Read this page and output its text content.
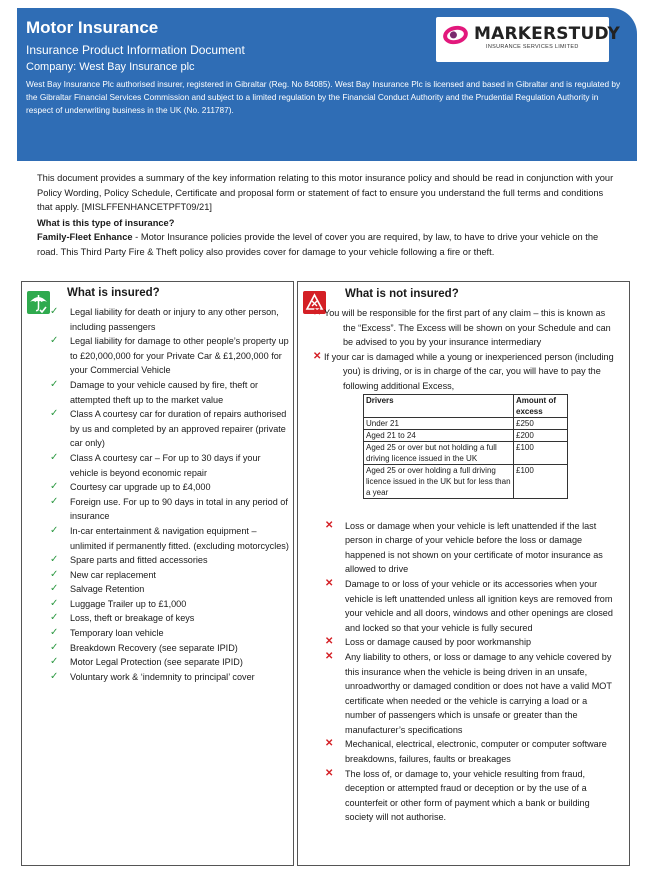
Motor Insurance
Insurance Product Information Document
Company: West Bay Insurance plc
West Bay Insurance Plc authorised insurer, registered in Gibraltar (Reg. No 84085). West Bay Insurance Plc is licensed and based in Gibraltar and is regulated by the Gibraltar Financial Services Commission and subject to a limited regulation by the Financial Conduct Authority and the Prudential Regulation Authority in respect of underwriting business in the UK (No. 211787).
MARKERSTUDY
INSURANCE SERVICES LIMITED

This document provides a summary of the key information relating to this motor insurance policy and should be read in conjunction with your Policy Wording, Policy Schedule, Certificate and proposal form or statement of fact to ensure you understand the full terms and conditions that apply. [MISLFFENHANCETPFT09/21]

What is this type of insurance?

Family-Fleet Enhance - Motor Insurance policies provide the level of cover you are required, by law, to have to drive your vehicle on the road. This Third Party Fire & Theft policy also provides cover for damage to your vehicle following a fire or theft.

What is insured?
✓ Legal liability for death or injury to any other person, including passengers
✓ Legal liability for damage to other people’s property up to £20,000,000 for your Private Car & £1,200,000 for your Commercial Vehicle
✓ Damage to your vehicle caused by fire, theft or attempted theft up to the market value
✓ Class A courtesy car for duration of repairs authorised by us and completed by an approved repairer (private car only)
✓ Class A courtesy car – For up to 30 days if your vehicle is beyond economic repair
✓ Courtesy car upgrade up to £4,000
✓ Foreign use. For up to 90 days in total in any period of insurance
✓ In-car entertainment & navigation equipment – unlimited if permanently fitted. (excluding motorcycles)
✓ Spare parts and fitted accessories
✓ New car replacement
✓ Salvage Retention
✓ Luggage Trailer up to £1,000
✓ Loss, theft or breakage of keys
✓ Temporary loan vehicle
✓ Breakdown Recovery (see separate IPID)
✓ Motor Legal Protection (see separate IPID)
✓ Voluntary work & ‘indemnity to principal’ cover
What is not insured?
✕ You will be responsible for the first part of any claim – this is known as the “Excess”. The Excess will be shown on your Schedule and can be advised to you by your insurance intermediary
✕ If your car is damaged while a young or inexperienced person (including you) is driving, or is in charge of the car, you will have to pay the following additional Excess,
Drivers	Amount of excess
Under 21	£250
Aged 21 to 24	£200
Aged 25 or over but not holding a full driving licence issued in the UK	£100
Aged 25 or over holding a full driving licence issued in the UK but for less than a year	£100
✕ Loss or damage when your vehicle is left unattended if the last person in charge of your vehicle before the loss or damage happened is not shown on your certificate of motor insurance as allowed to drive
✕ Damage to or loss of your vehicle or its accessories when your vehicle is left unattended unless all ignition keys are removed from your vehicle and all doors, windows and other openings are closed and locked so that your vehicle is fully secured
✕ Loss or damage caused by poor workmanship
✕ Any liability to others, or loss or damage to any vehicle covered by this insurance when the vehicle is being driven in an unsafe, unroadworthy or damaged condition or does not have a valid MOT certificate when needed or the vehicle is carrying a load or a number of passengers which is unsafe or greater than the manufacturer’s specifications
✕ Mechanical, electrical, electronic, computer or computer software breakdowns, failures, faults or breakages
✕ The loss of, or damage to, your vehicle resulting from fraud, deception or attempted fraud or deception or by the use of a counterfeit or other form of payment which a bank or building society will not authorise.
